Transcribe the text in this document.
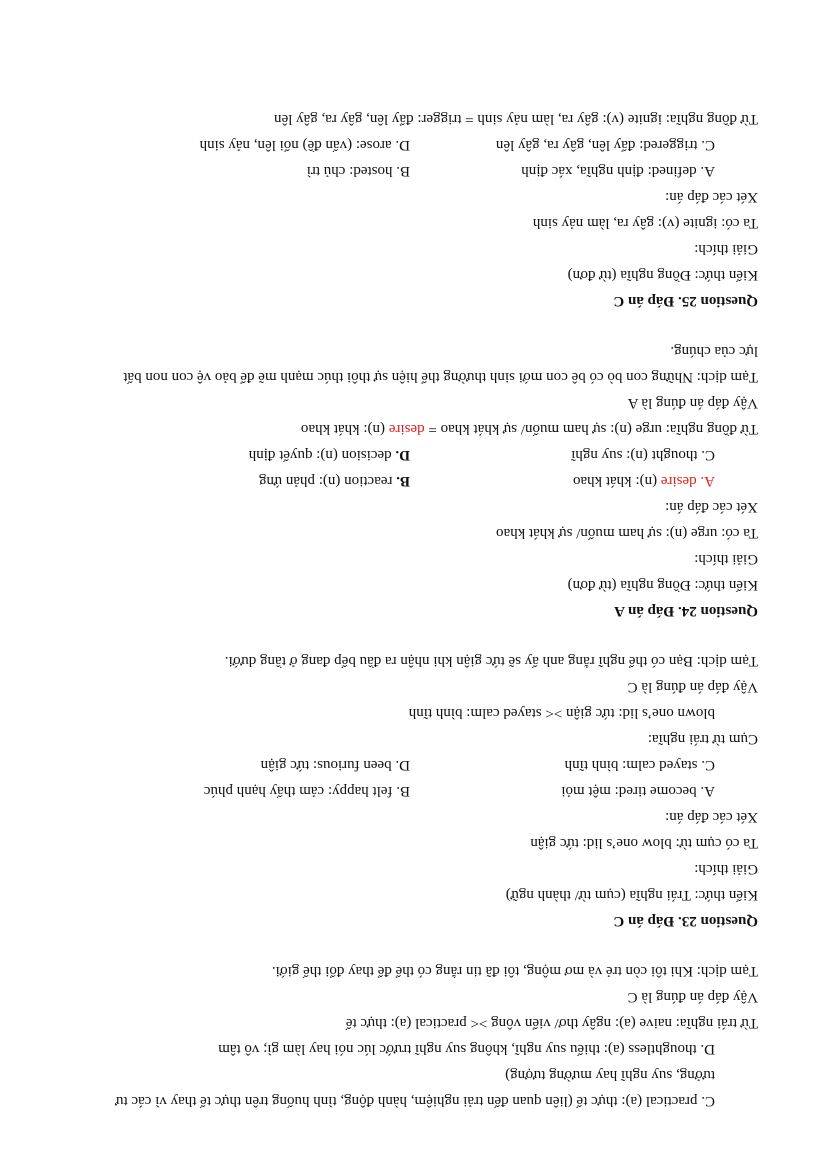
C. practical (a): thực tế (liên quan đến trải nghiệm, hành động, tình huống trên thực tế thay vì các tư
tưởng, suy nghĩ hay mường tượng)
D. thoughtless (a): thiếu suy nghĩ, không suy nghĩ trước lúc nói hay làm gì; vô tâm
Từ trái nghĩa: naive (a): ngây thơ/ viển vông >< practical (a): thực tế
Vậy đáp án đúng là C
Tạm dịch: Khi tôi còn trẻ và mơ mộng, tôi đã tin rằng có thể để thay đổi thế giới.
Question 23. Đáp án C
Kiến thức: Trái nghĩa (cụm từ/ thành ngữ)
Giải thích:
Ta có cụm từ: blow one’s lid: tức giận
Xét các đáp án:
A. become tired: mệt mỏi
B. felt happy: cảm thấy hạnh phúc
C. stayed calm: bình tĩnh
D. been furious: tức giận
Cụm từ trái nghĩa:
blown one’s lid: tức giận >< stayed calm: bình tĩnh
Vậy đáp án đúng là C
Tạm dịch: Bạn có thể nghĩ rằng anh ấy sẽ tức giận khi nhận ra đầu bếp đang ở tầng dưới.
Question 24. Đáp án A
Kiến thức: Đồng nghĩa (từ đơn)
Giải thích:
Ta có: urge (n): sự ham muốn/ sự khát khao
Xét các đáp án:
A. desire (n): khát khao
B. reaction (n): phản ứng
C. thought (n): suy nghĩ
D. decision (n): quyết định
Từ đồng nghĩa: urge (n): sự ham muốn/ sự khát khao = desire (n): khát khao
Vậy đáp án đúng là A
Tạm dịch: Những con bò có bê con mới sinh thường thể hiện sự thôi thúc mạnh mẽ để bảo vệ con non bất
lực của chúng.
Question 25. Đáp án C
Kiến thức: Đồng nghĩa (từ đơn)
Giải thích:
Ta có: ignite (v): gây ra, làm nảy sinh
Xét các đáp án:
A. defined: định nghĩa, xác định
B. hosted: chủ trì
C. triggered: đẩy lên, gây ra, gây lên
D. arose: (vấn đề) nổi lên, nảy sinh
Từ đồng nghĩa: ignite (v): gây ra, làm nảy sinh = trigger: đẩy lên, gây ra, gây lên
